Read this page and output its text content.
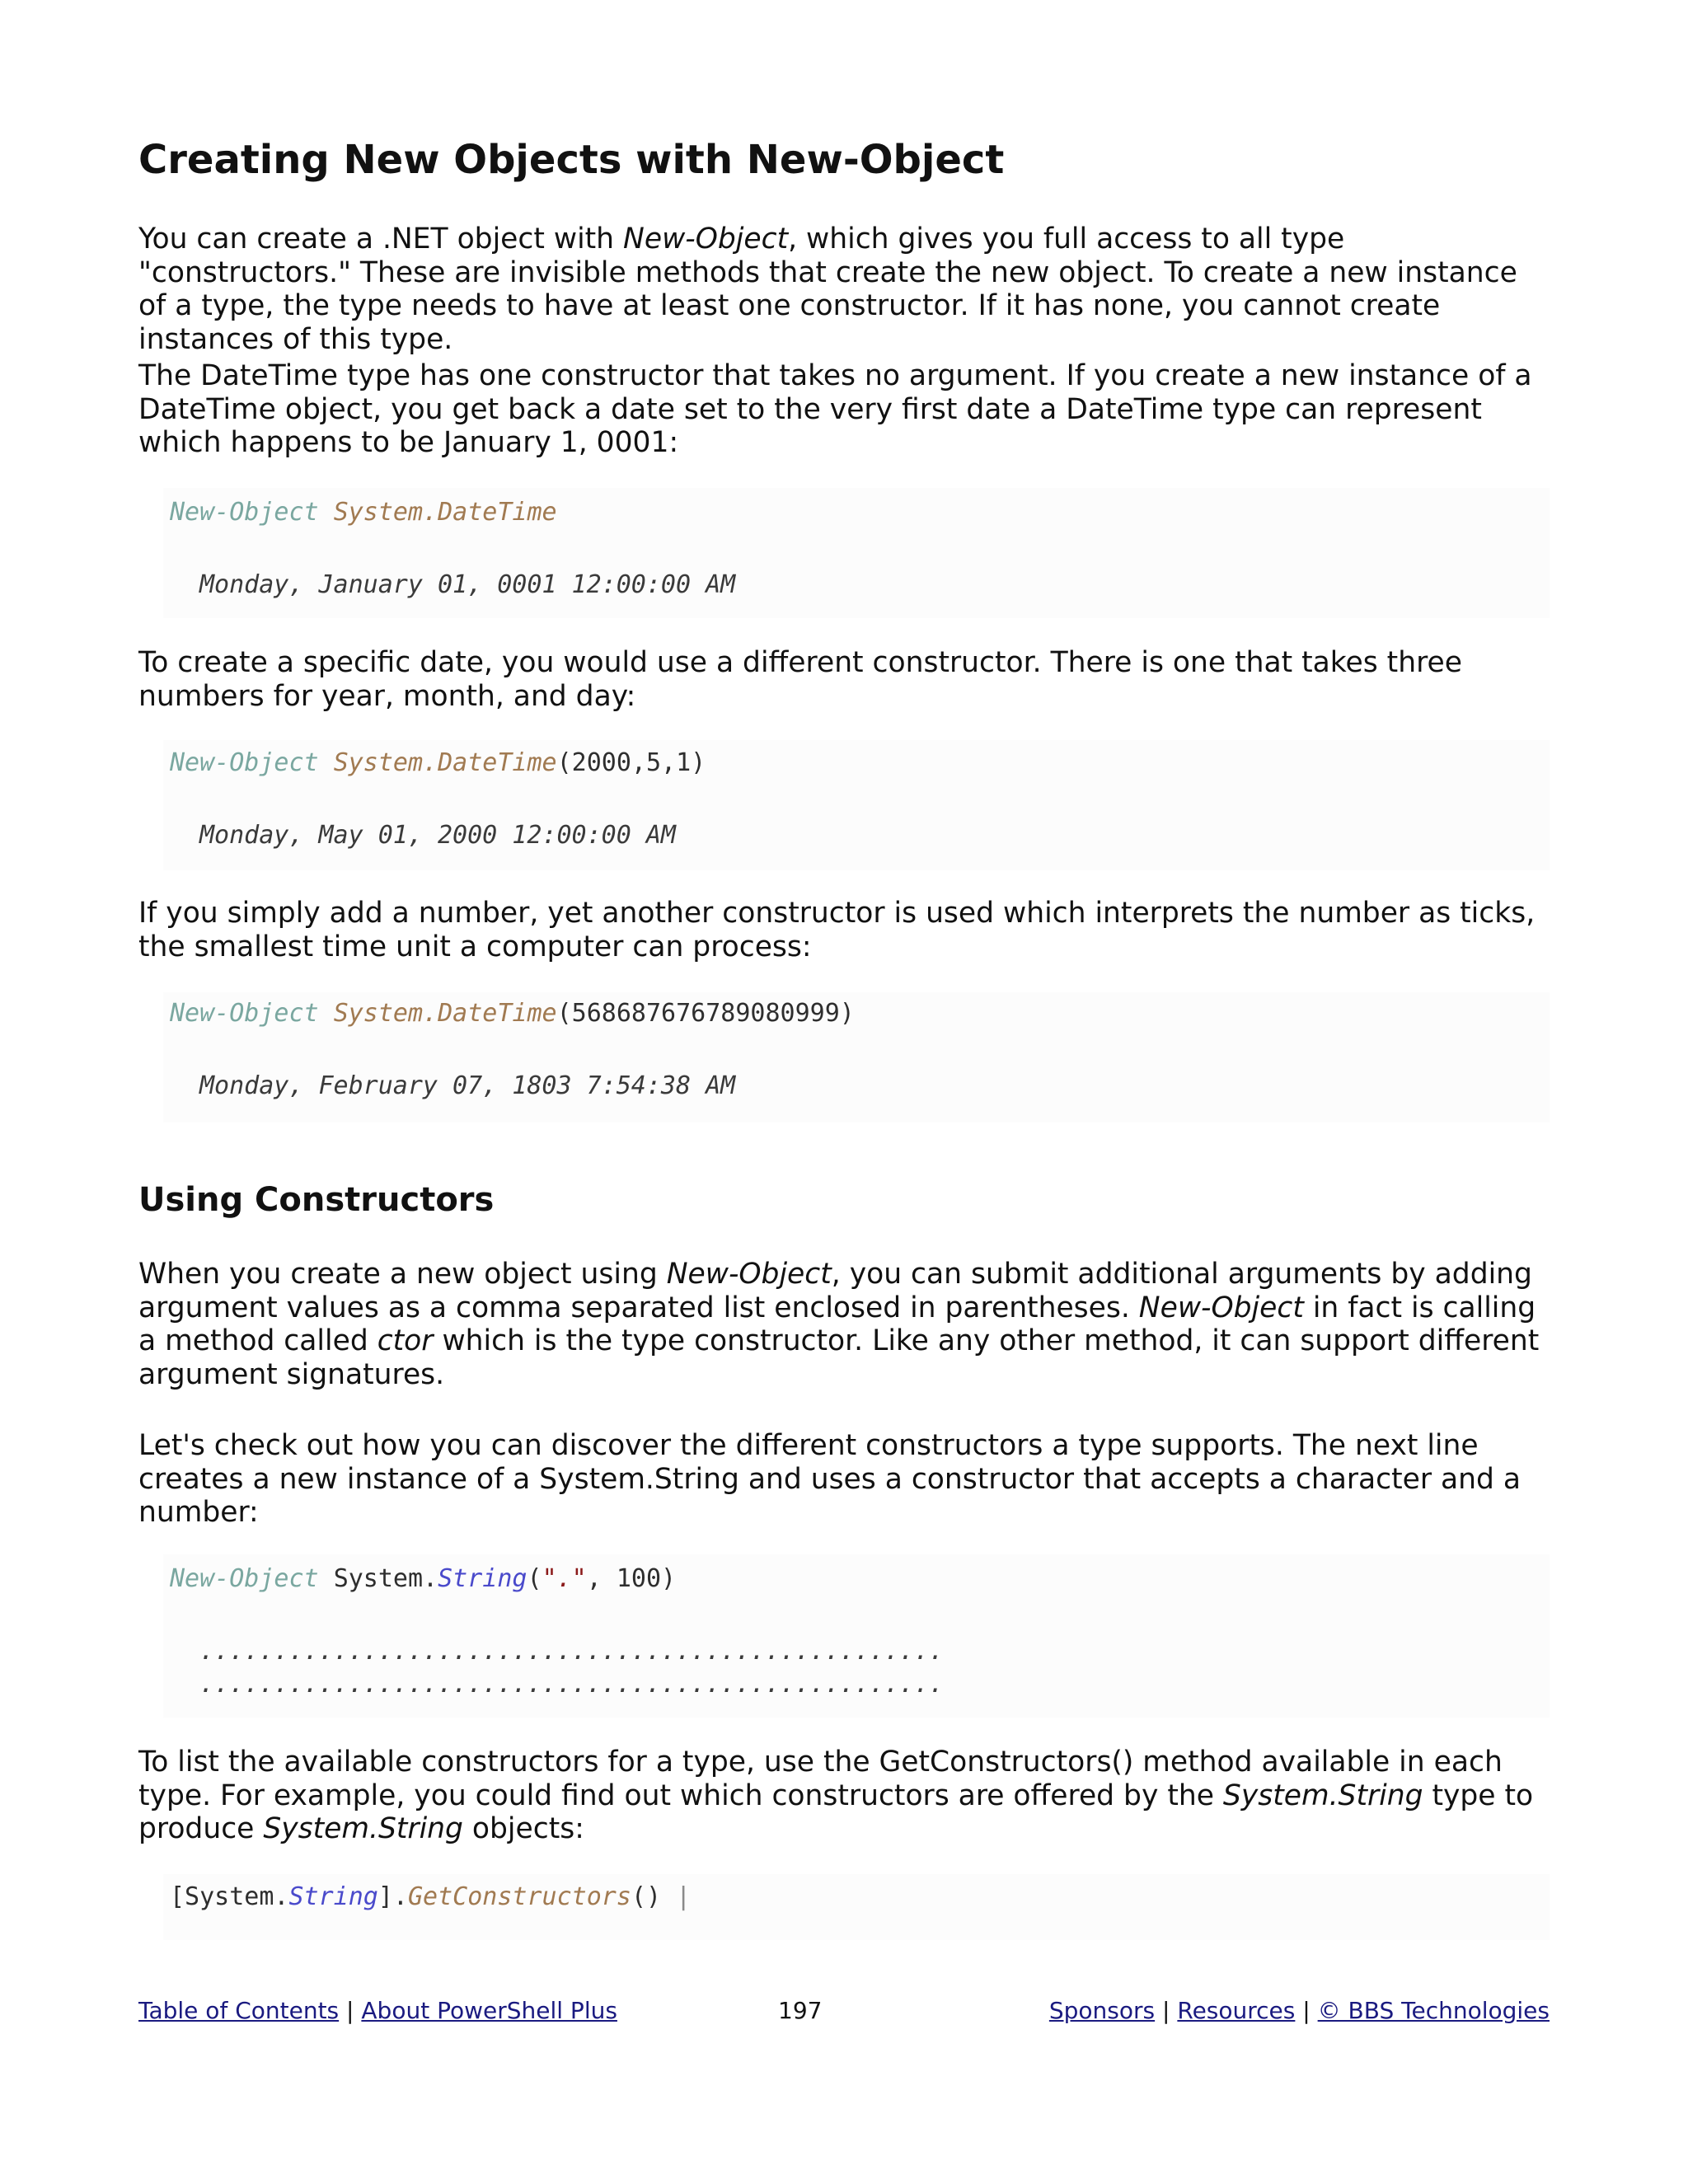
Creating New Objects with New-Object

You can create a .NET object with New-Object, which gives you full access to all type "constructors." These are invisible methods that create the new object. To create a new instance of a type, the type needs to have at least one constructor. If it has none, you cannot create instances of this type.

The DateTime type has one constructor that takes no argument. If you create a new instance of a DateTime object, you get back a date set to the very first date a DateTime type can represent which happens to be January 1, 0001:

New-Object System.DateTime
Monday, January 01, 0001 12:00:00 AM

To create a specific date, you would use a different constructor. There is one that takes three numbers for year, month, and day:

New-Object System.DateTime(2000,5,1)
Monday, May 01, 2000 12:00:00 AM

If you simply add a number, yet another constructor is used which interprets the number as ticks, the smallest time unit a computer can process:

New-Object System.DateTime(568687676789080999)
Monday, February 07, 1803 7:54:38 AM
Using Constructors

When you create a new object using New-Object, you can submit additional arguments by adding argument values as a comma separated list enclosed in parentheses. New-Object in fact is calling a method called ctor which is the type constructor. Like any other method, it can support different argument signatures.

Let's check out how you can discover the different constructors a type supports. The next line creates a new instance of a System.String and uses a constructor that accepts a character and a number:

New-Object System.String(".", 100)
..................................................
..................................................

To list the available constructors for a type, use the GetConstructors() method available in each type. For example, you could find out which constructors are offered by the System.String type to produce System.String objects:

[System.String].GetConstructors() |
Table of Contents | About PowerShell Plus	197	Sponsors | Resources | © BBS Technologies
